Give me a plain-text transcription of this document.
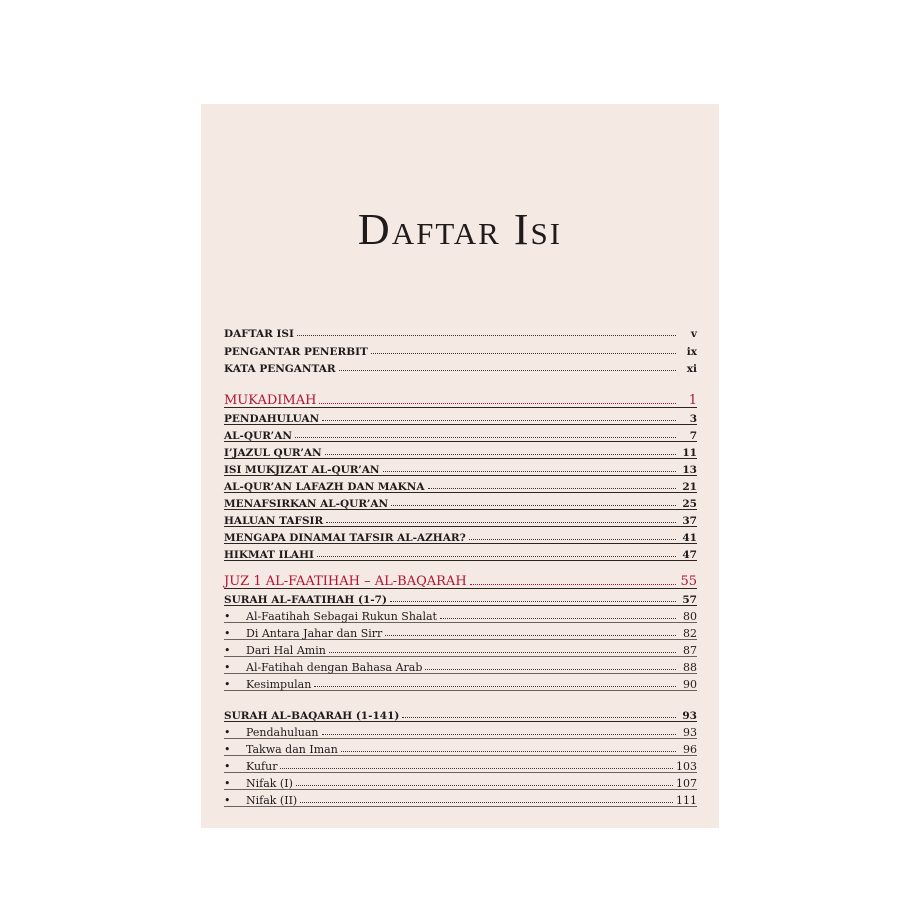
Daftar Isi
DAFTAR ISI	v
PENGANTAR PENERBIT	ix
KATA PENGANTAR	xi
MUKADIMAH	1
PENDAHULUAN	3
AL-QUR’AN	7
I’JAZUL QUR’AN	11
ISI MUKJIZAT AL-QUR’AN	13
AL-QUR’AN LAFAZH DAN MAKNA	21
MENAFSIRKAN AL-QUR’AN	25
HALUAN TAFSIR	37
MENGAPA DINAMAI TAFSIR AL-AZHAR?	41
HIKMAT ILAHI	47
JUZ 1 AL-FAATIHAH – AL-BAQARAH	55
SURAH AL-FAATIHAH (1-7)	57
•	Al-Faatihah Sebagai Rukun Shalat	80
•	Di Antara Jahar dan Sirr	82
•	Dari Hal Amin	87
•	Al-Fatihah dengan Bahasa Arab	88
•	Kesimpulan	90
SURAH AL-BAQARAH (1-141)	93
•	Pendahuluan	93
•	Takwa dan Iman	96
•	Kufur	103
•	Nifak (I)	107
•	Nifak (II)	111
